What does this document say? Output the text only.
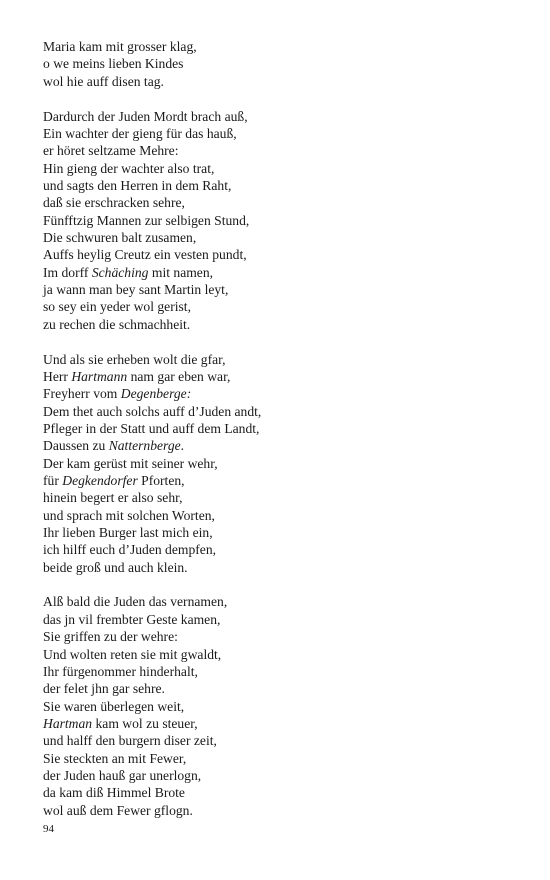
Maria kam mit grosser klag,
o we meins lieben Kindes
wol hie auff disen tag.
Dardurch der Juden Mordt brach auß,
Ein wachter der gieng für das hauß,
er höret seltzame Mehre:
Hin gieng der wachter also trat,
und sagts den Herren in dem Raht,
daß sie erschracken sehre,
Fünfftzig Mannen zur selbigen Stund,
Die schwuren balt zusamen,
Auffs heylig Creutz ein vesten pundt,
Im dorff Schäching mit namen,
ja wann man bey sant Martin leyt,
so sey ein yeder wol gerist,
zu rechen die schmachheit.
Und als sie erheben wolt die gfar,
Herr Hartmann nam gar eben war,
Freyherr vom Degenberge:
Dem thet auch solchs auff d’Juden andt,
Pfleger in der Statt und auff dem Landt,
Daussen zu Natternberge.
Der kam gerüst mit seiner wehr,
für Degkendorfer Pforten,
hinein begert er also sehr,
und sprach mit solchen Worten,
Ihr lieben Burger last mich ein,
ich hilff euch d’Juden dempfen,
beide groß und auch klein.
Alß bald die Juden das vernamen,
das jn vil frembter Geste kamen,
Sie griffen zu der wehre:
Und wolten reten sie mit gwaldt,
Ihr fürgenommer hinderhalt,
der felet jhn gar sehre.
Sie waren überlegen weit,
Hartman kam wol zu steuer,
und halff den burgern diser zeit,
Sie steckten an mit Fewer,
der Juden hauß gar unerlogn,
da kam diß Himmel Brote
wol auß dem Fewer gflogn.
94
